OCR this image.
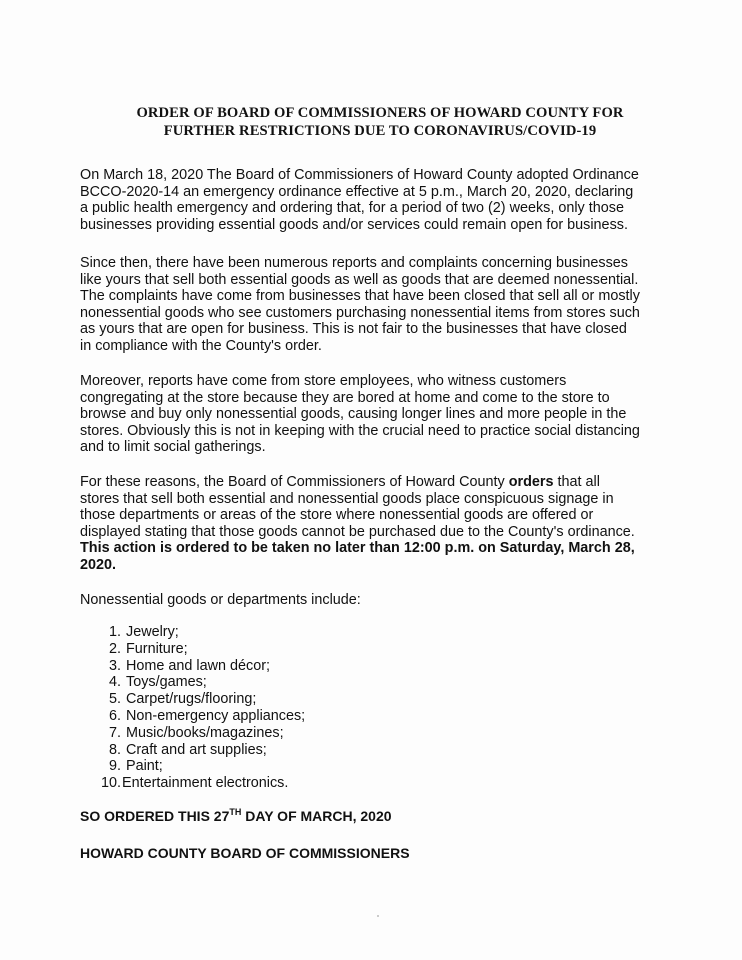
ORDER OF BOARD OF COMMISSIONERS OF HOWARD COUNTY FOR
FURTHER RESTRICTIONS DUE TO CORONAVIRUS/COVID-19
On March 18, 2020 The Board of Commissioners of Howard County adopted Ordinance
BCCO-2020-14 an emergency ordinance effective at 5 p.m., March 20, 2020, declaring
a public health emergency and ordering that, for a period of two (2) weeks, only those
businesses providing essential goods and/or services could remain open for business.
Since then, there have been numerous reports and complaints concerning businesses
like yours that sell both essential goods as well as goods that are deemed nonessential.
The complaints have come from businesses that have been closed that sell all or mostly
nonessential goods who see customers purchasing nonessential items from stores such
as yours that are open for business. This is not fair to the businesses that have closed
in compliance with the County's order.
Moreover, reports have come from store employees, who witness customers
congregating at the store because they are bored at home and come to the store to
browse and buy only nonessential goods, causing longer lines and more people in the
stores. Obviously this is not in keeping with the crucial need to practice social distancing
and to limit social gatherings.
For these reasons, the Board of Commissioners of Howard County orders that all
stores that sell both essential and nonessential goods place conspicuous signage in
those departments or areas of the store where nonessential goods are offered or
displayed stating that those goods cannot be purchased due to the County's ordinance.
This action is ordered to be taken no later than 12:00 p.m. on Saturday, March 28,
2020.
Nonessential goods or departments include:
1. Jewelry;
2. Furniture;
3. Home and lawn décor;
4. Toys/games;
5. Carpet/rugs/flooring;
6. Non-emergency appliances;
7. Music/books/magazines;
8. Craft and art supplies;
9. Paint;
10. Entertainment electronics.
SO ORDERED THIS 27TH DAY OF MARCH, 2020
HOWARD COUNTY BOARD OF COMMISSIONERS
